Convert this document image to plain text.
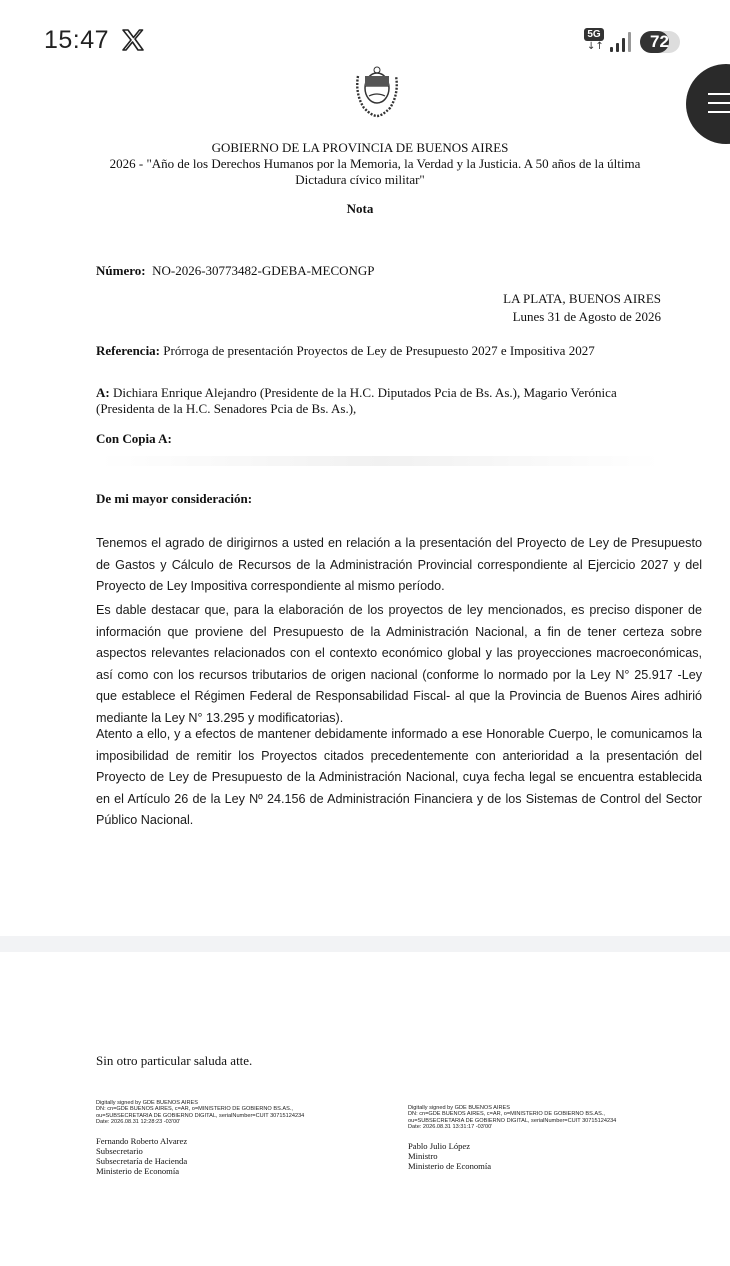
15:47	5G
↓↑	72
GOBIERNO DE LA PROVINCIA DE BUENOS AIRES
2026 - "Año de los Derechos Humanos por la Memoria, la Verdad y la Justicia. A 50 años de la última
Dictadura cívico militar"
Nota
Número: NO-2026-30773482-GDEBA-MECONGP
LA PLATA, BUENOS AIRES
Lunes 31 de Agosto de 2026
Referencia: Prórroga de presentación Proyectos de Ley de Presupuesto 2027 e Impositiva 2027
A: Dichiara Enrique Alejandro (Presidente de la H.C. Diputados Pcia de Bs. As.), Magario Verónica
(Presidenta de la H.C. Senadores Pcia de Bs. As.),
Con Copia A:
De mi mayor consideración:
Tenemos el agrado de dirigirnos a usted en relación a la presentación del Proyecto de Ley de Presupuesto de Gastos y Cálculo de Recursos de la Administración Provincial correspondiente al Ejercicio 2027 y del Proyecto de Ley Impositiva correspondiente al mismo período.
Es dable destacar que, para la elaboración de los proyectos de ley mencionados, es preciso disponer de información que proviene del Presupuesto de la Administración Nacional, a fin de tener certeza sobre aspectos relevantes relacionados con el contexto económico global y las proyecciones macroeconómicas, así como con los recursos tributarios de origen nacional (conforme lo normado por la Ley N° 25.917 -Ley que establece el Régimen Federal de Responsabilidad Fiscal- al que la Provincia de Buenos Aires adhirió mediante la Ley N° 13.295 y modificatorias).
Atento a ello, y a efectos de mantener debidamente informado a ese Honorable Cuerpo, le comunicamos la imposibilidad de remitir los Proyectos citados precedentemente con anterioridad a la presentación del Proyecto de Ley de Presupuesto de la Administración Nacional, cuya fecha legal se encuentra establecida en el Artículo 26 de la Ley Nº 24.156 de Administración Financiera y de los Sistemas de Control del Sector Público Nacional.
Sin otro particular saluda atte.
Digitally signed by GDE BUENOS AIRES
DN: cn=GDE BUENOS AIRES, c=AR, o=MINISTERIO DE GOBIERNO BS.AS.,
ou=SUBSECRETARIA DE GOBIERNO DIGITAL, serialNumber=CUIT 30715124234
Date: 2026.08.31 12:28:23 -03'00'
Fernando Roberto Alvarez
Subsecretario
Subsecretaría de Hacienda
Ministerio de Economía
Digitally signed by GDE BUENOS AIRES
DN: cn=GDE BUENOS AIRES, c=AR, o=MINISTERIO DE GOBIERNO BS.AS.,
ou=SUBSECRETARIA DE GOBIERNO DIGITAL, serialNumber=CUIT 30715124234
Date: 2026.08.31 13:31:17 -03'00'
Pablo Julio López
Ministro
Ministerio de Economía
